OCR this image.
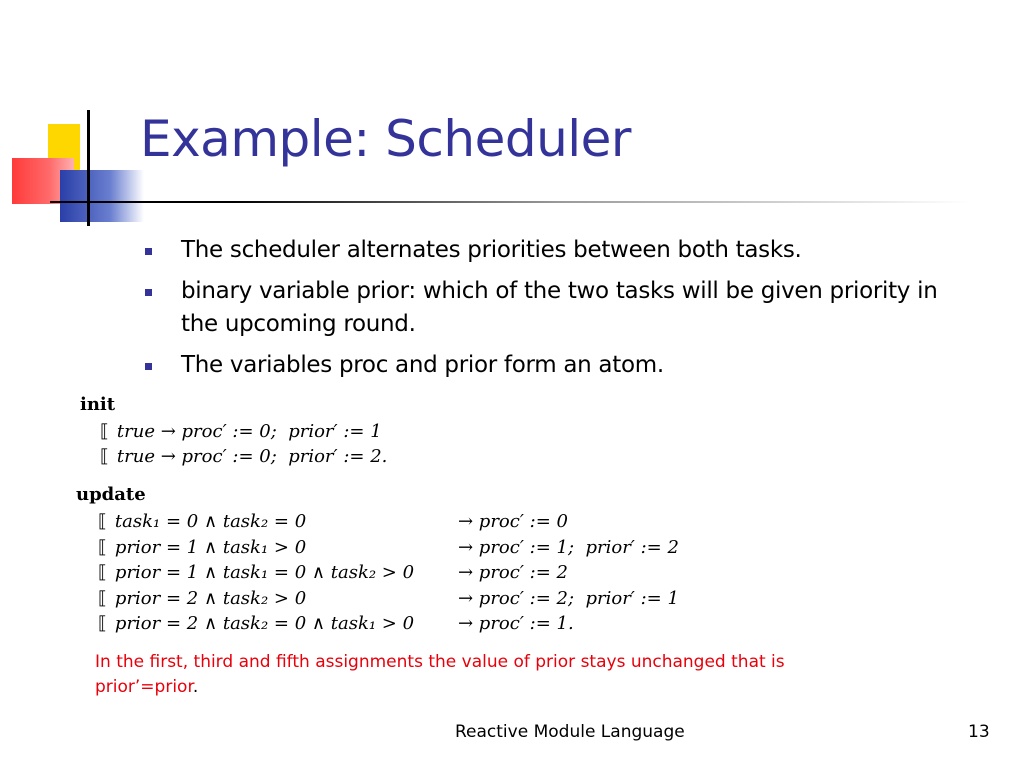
Example: Scheduler
The scheduler alternates priorities between both tasks.
binary variable prior: which of the two tasks will be given priority in the upcoming round.
The variables proc and prior form an atom.

init

⟦ true → proc′ := 0;  prior′ := 1

⟦ true → proc′ := 0;  prior′ := 2.

update

⟦ task₁ = 0 ∧ task₂ = 0	→ proc′ := 0

⟦ prior = 1 ∧ task₁ > 0	→ proc′ := 1;  prior′ := 2

⟦ prior = 1 ∧ task₁ = 0 ∧ task₂ > 0 → proc′ := 2

⟦ prior = 2 ∧ task₂ > 0	→ proc′ := 2;  prior′ := 1

⟦ prior = 2 ∧ task₂ = 0 ∧ task₁ > 0 → proc′ := 1.

In the first, third and fifth assignments the value of prior stays unchanged that is prior’=prior.
Reactive Module Language	13
